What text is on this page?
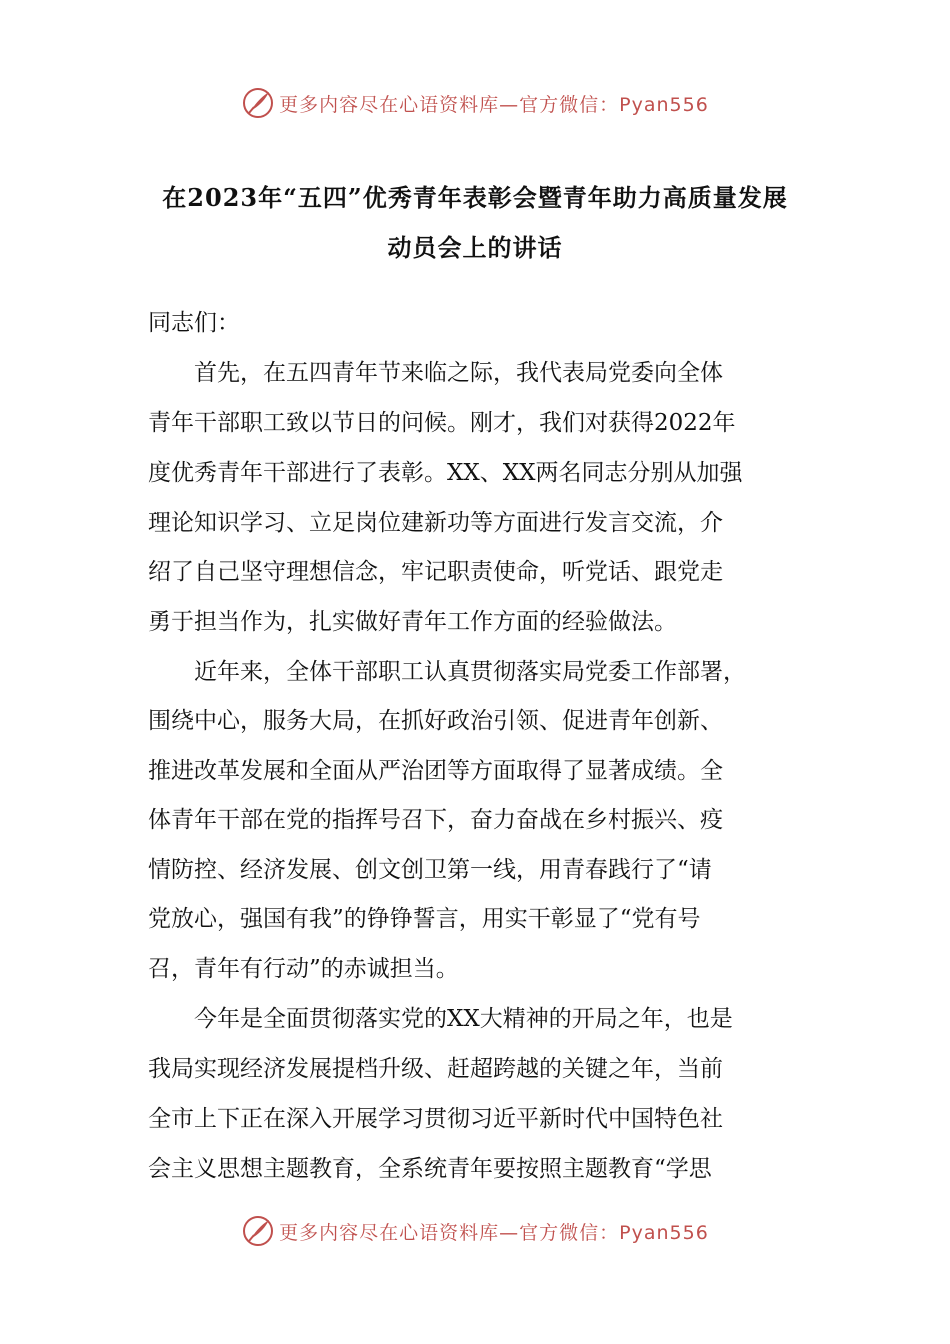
更多内容尽在心语资料库—官方微信：Pyan556
在2023年“五四”优秀青年表彰会暨青年助力高质量发展
动员会上的讲话
同志们：
　　首先，在五四青年节来临之际，我代表局党委向全体
青年干部职工致以节日的问候。刚才，我们对获得2022年
度优秀青年干部进行了表彰。XX、XX两名同志分别从加强
理论知识学习、立足岗位建新功等方面进行发言交流，介
绍了自己坚守理想信念，牢记职责使命，听党话、跟党走
勇于担当作为，扎实做好青年工作方面的经验做法。
　　近年来，全体干部职工认真贯彻落实局党委工作部署，
围绕中心，服务大局，在抓好政治引领、促进青年创新、
推进改革发展和全面从严治团等方面取得了显著成绩。全
体青年干部在党的指挥号召下，奋力奋战在乡村振兴、疫
情防控、经济发展、创文创卫第一线，用青春践行了“请
党放心，强国有我”的铮铮誓言，用实干彰显了“党有号
召，青年有行动”的赤诚担当。
　　今年是全面贯彻落实党的XX大精神的开局之年，也是
我局实现经济发展提档升级、赶超跨越的关键之年，当前
全市上下正在深入开展学习贯彻习近平新时代中国特色社
会主义思想主题教育，全系统青年要按照主题教育“学思
更多内容尽在心语资料库—官方微信：Pyan556
